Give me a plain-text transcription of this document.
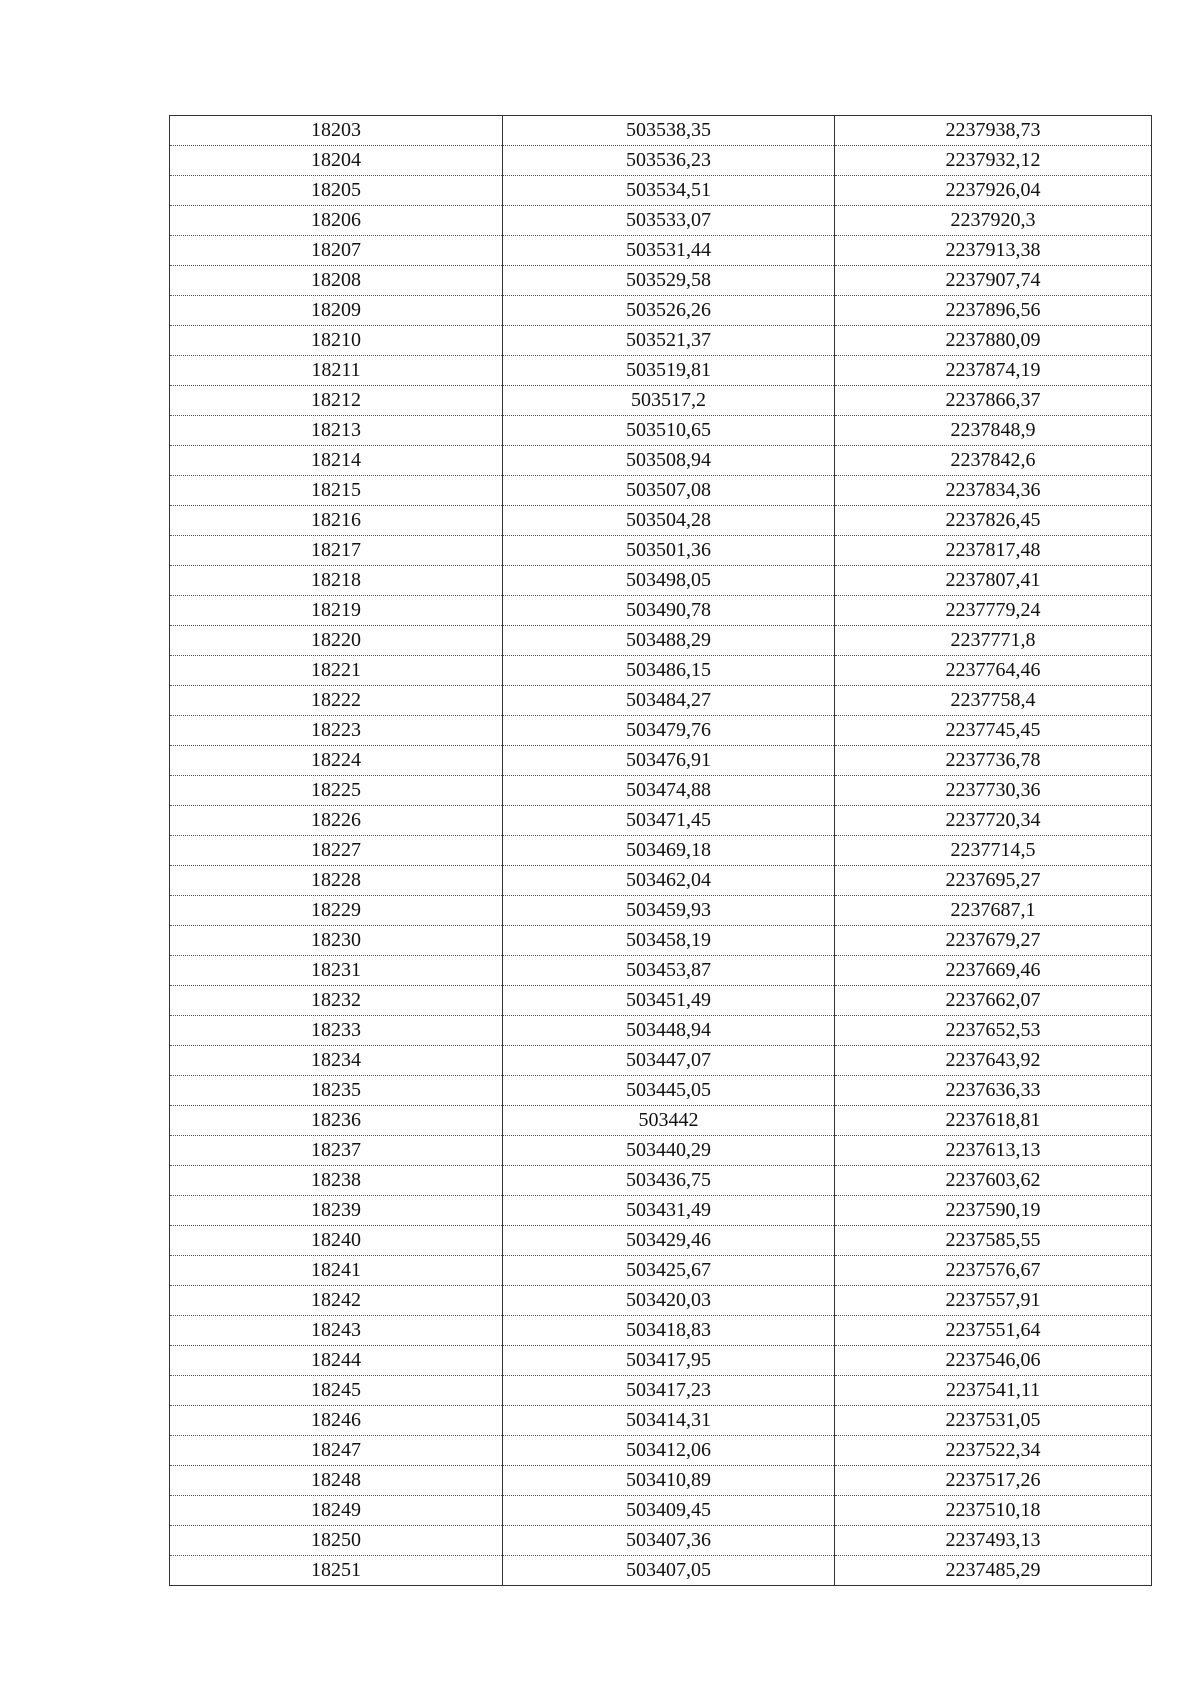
18203	503538,35	2237938,73
18204	503536,23	2237932,12
18205	503534,51	2237926,04
18206	503533,07	2237920,3
18207	503531,44	2237913,38
18208	503529,58	2237907,74
18209	503526,26	2237896,56
18210	503521,37	2237880,09
18211	503519,81	2237874,19
18212	503517,2	2237866,37
18213	503510,65	2237848,9
18214	503508,94	2237842,6
18215	503507,08	2237834,36
18216	503504,28	2237826,45
18217	503501,36	2237817,48
18218	503498,05	2237807,41
18219	503490,78	2237779,24
18220	503488,29	2237771,8
18221	503486,15	2237764,46
18222	503484,27	2237758,4
18223	503479,76	2237745,45
18224	503476,91	2237736,78
18225	503474,88	2237730,36
18226	503471,45	2237720,34
18227	503469,18	2237714,5
18228	503462,04	2237695,27
18229	503459,93	2237687,1
18230	503458,19	2237679,27
18231	503453,87	2237669,46
18232	503451,49	2237662,07
18233	503448,94	2237652,53
18234	503447,07	2237643,92
18235	503445,05	2237636,33
18236	503442	2237618,81
18237	503440,29	2237613,13
18238	503436,75	2237603,62
18239	503431,49	2237590,19
18240	503429,46	2237585,55
18241	503425,67	2237576,67
18242	503420,03	2237557,91
18243	503418,83	2237551,64
18244	503417,95	2237546,06
18245	503417,23	2237541,11
18246	503414,31	2237531,05
18247	503412,06	2237522,34
18248	503410,89	2237517,26
18249	503409,45	2237510,18
18250	503407,36	2237493,13
18251	503407,05	2237485,29
